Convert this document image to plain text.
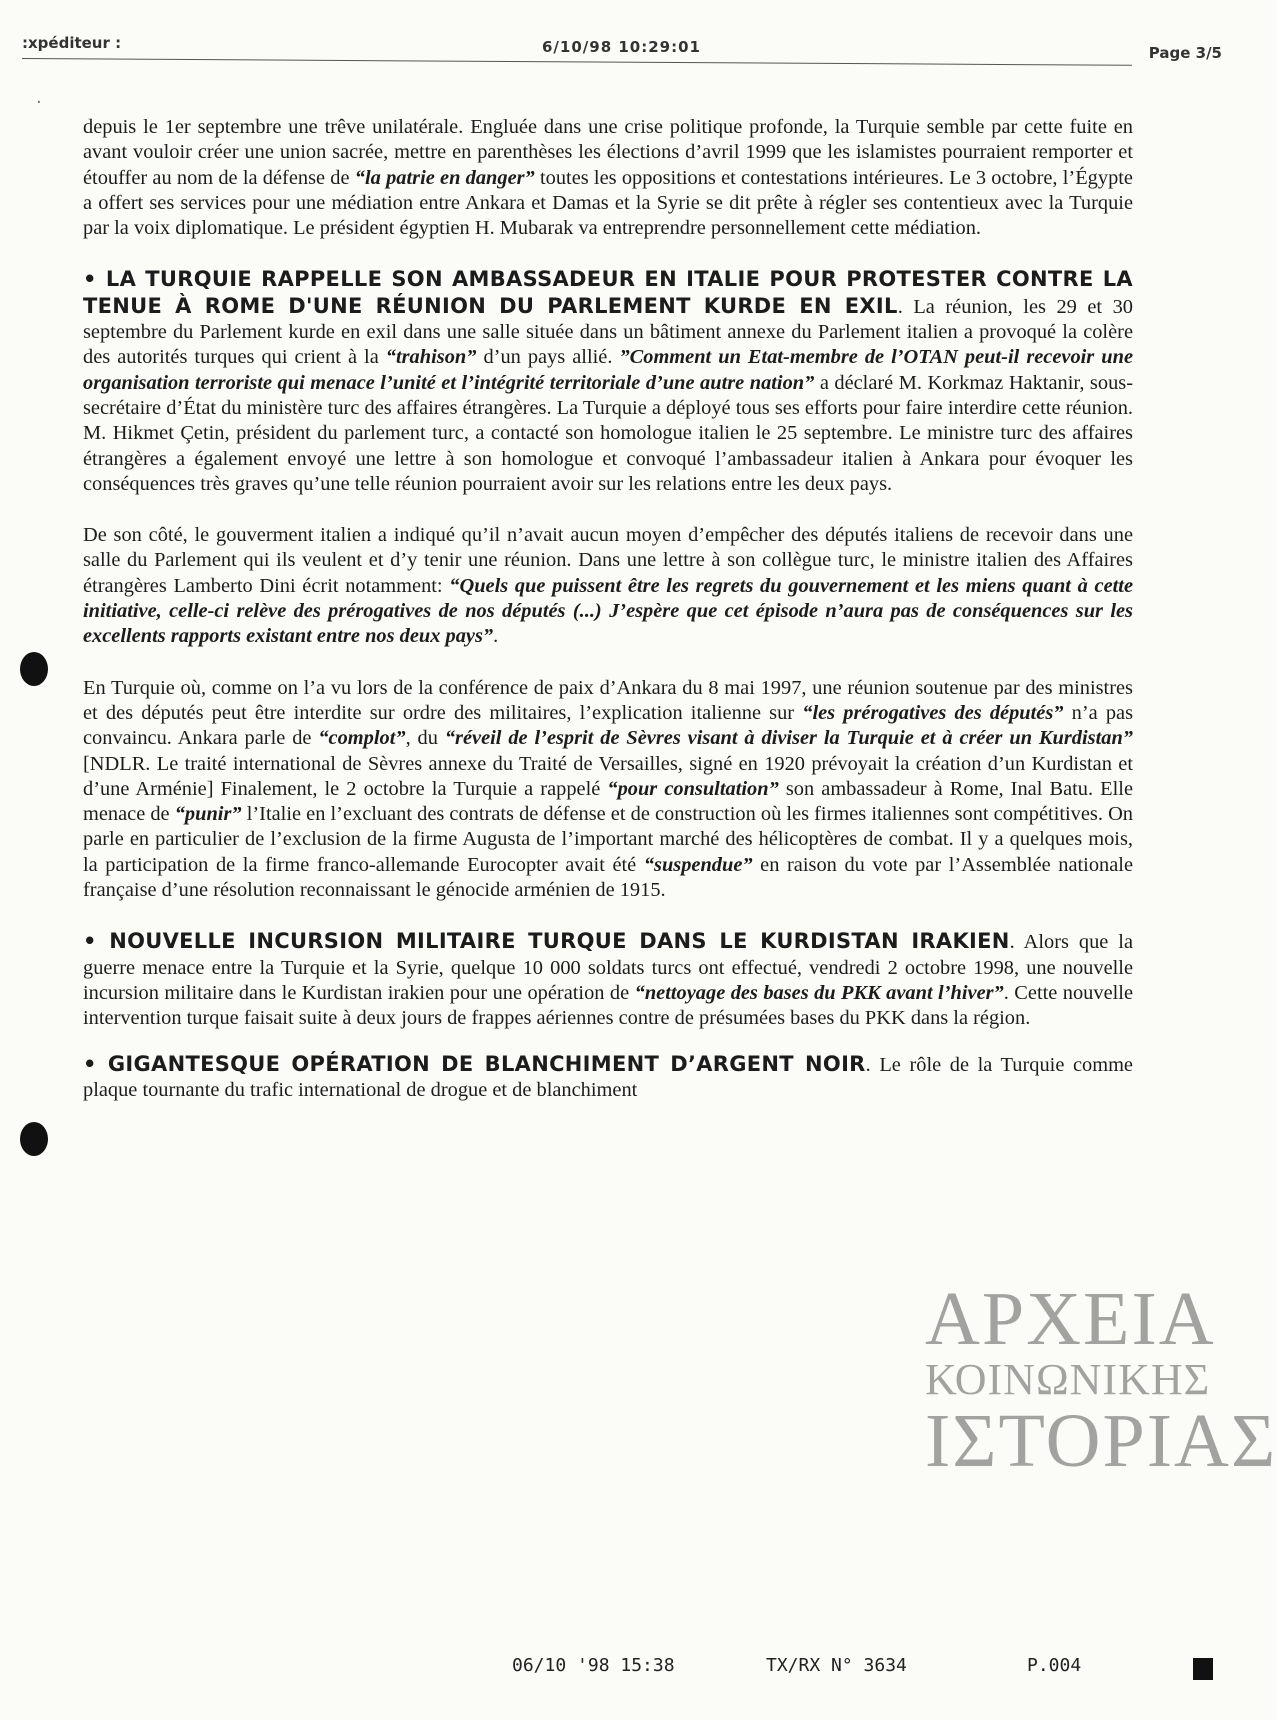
:xpéditeur :	6/10/98 10:29:01	Page 3/5
·

depuis le 1er septembre une trêve unilatérale. Engluée dans une crise politique profonde, la Turquie semble par cette fuite en avant vouloir créer une union sacrée, mettre en parenthèses les élections d’avril 1999 que les islamistes pourraient remporter et étouffer au nom de la défense de “la patrie en danger” toutes les oppositions et contestations intérieures. Le 3 octobre, l’Égypte a offert ses services pour une médiation entre Ankara et Damas et la Syrie se dit prête à régler ses contentieux avec la Turquie par la voix diplomatique. Le président égyptien H. Mubarak va entreprendre personnellement cette médiation.

• LA TURQUIE RAPPELLE SON AMBASSADEUR EN ITALIE POUR PROTESTER CONTRE LA TENUE À ROME D'UNE RÉUNION DU PARLEMENT KURDE EN EXIL. La réunion, les 29 et 30 septembre du Parlement kurde en exil dans une salle située dans un bâtiment annexe du Parlement italien a provoqué la colère des autorités turques qui crient à la “trahison” d’un pays allié. ”Comment un Etat-membre de l’OTAN peut-il recevoir une organisation terroriste qui menace l’unité et l’intégrité territoriale d’une autre nation” a déclaré M. Korkmaz Haktanir, sous-secrétaire d’État du ministère turc des affaires étrangères. La Turquie a déployé tous ses efforts pour faire interdire cette réunion. M. Hikmet Çetin, président du parlement turc, a contacté son homologue italien le 25 septembre. Le ministre turc des affaires étrangères a également envoyé une lettre à son homologue et convoqué l’ambassadeur italien à Ankara pour évoquer les conséquences très graves qu’une telle réunion pourraient avoir sur les relations entre les deux pays.

De son côté, le gouverment italien a indiqué qu’il n’avait aucun moyen d’empêcher des députés italiens de recevoir dans une salle du Parlement qui ils veulent et d’y tenir une réunion. Dans une lettre à son collègue turc, le ministre italien des Affaires étrangères Lamberto Dini écrit notamment: “Quels que puissent être les regrets du gouvernement et les miens quant à cette initiative, celle-ci relève des prérogatives de nos députés (...) J’espère que cet épisode n’aura pas de conséquences sur les excellents rapports existant entre nos deux pays”.

En Turquie où, comme on l’a vu lors de la conférence de paix d’Ankara du 8 mai 1997, une réunion soutenue par des ministres et des députés peut être interdite sur ordre des militaires, l’explication italienne sur “les prérogatives des députés” n’a pas convaincu. Ankara parle de “complot”, du “réveil de l’esprit de Sèvres visant à diviser la Turquie et à créer un Kurdistan” [NDLR. Le traité international de Sèvres annexe du Traité de Versailles, signé en 1920 prévoyait la création d’un Kurdistan et d’une Arménie] Finalement, le 2 octobre la Turquie a rappelé “pour consultation” son ambassadeur à Rome, Inal Batu. Elle menace de “punir” l’Italie en l’excluant des contrats de défense et de construction où les firmes italiennes sont compétitives. On parle en particulier de l’exclusion de la firme Augusta de l’important marché des hélicoptères de combat. Il y a quelques mois, la participation de la firme franco-allemande Eurocopter avait été “suspendue” en raison du vote par l’Assemblée nationale française d’une résolution reconnaissant le génocide arménien de 1915.

• NOUVELLE INCURSION MILITAIRE TURQUE DANS LE KURDISTAN IRAKIEN. Alors que la guerre menace entre la Turquie et la Syrie, quelque 10 000 soldats turcs ont effectué, vendredi 2 octobre 1998, une nouvelle incursion militaire dans le Kurdistan irakien pour une opération de “nettoyage des bases du PKK avant l’hiver”. Cette nouvelle intervention turque faisait suite à deux jours de frappes aériennes contre de présumées bases du PKK dans la région.

• GIGANTESQUE OPÉRATION DE BLANCHIMENT D’ARGENT NOIR. Le rôle de la Turquie comme plaque tournante du trafic international de drogue et de blanchiment

ΑΡΧΕΙΑ
ΚΟΙΝΩΝΙΚΗΣ
ΙΣΤΟΡΙΑΣ
06/10 '98 15:38	TX/RX N° 3634	P.004
